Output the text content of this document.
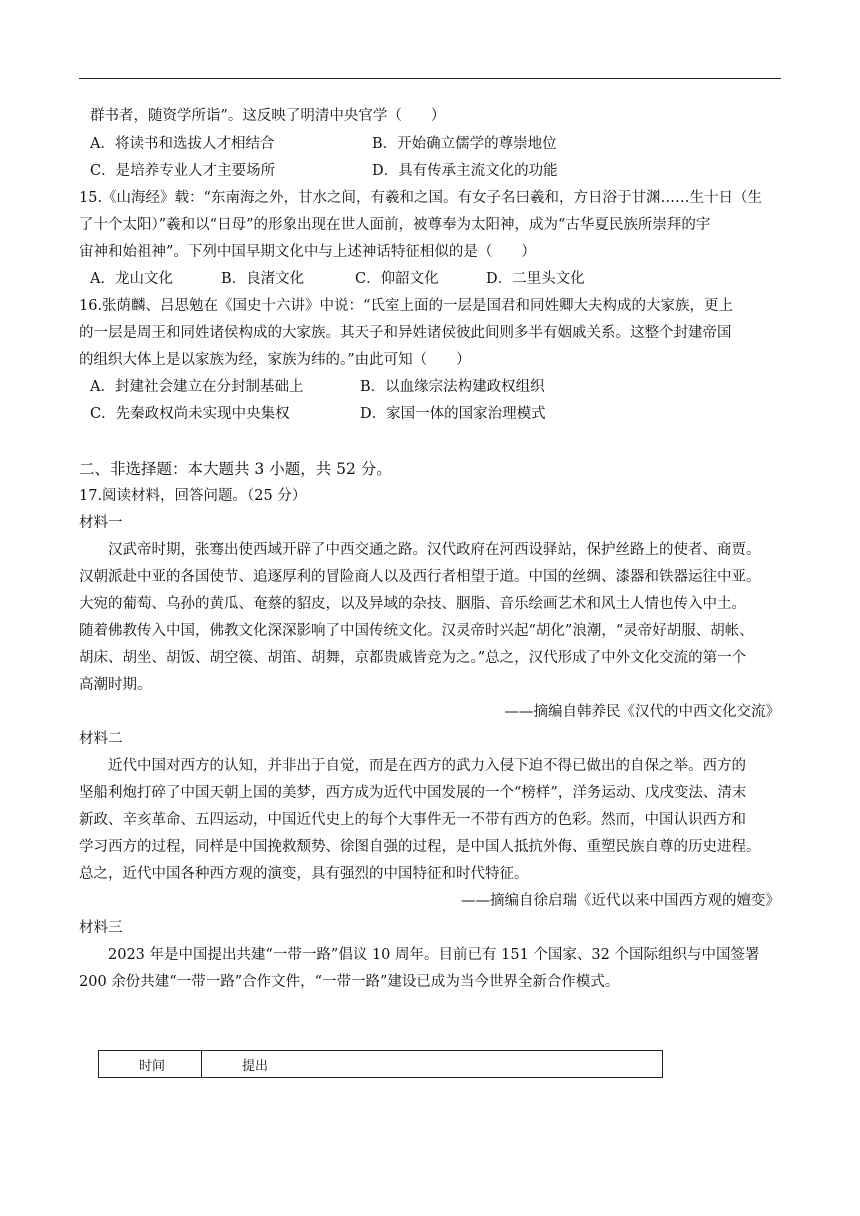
群书者，随资学所诣”。这反映了明清中央官学（　　）
A．将读书和选拔人才相结合	B．开始确立儒学的尊崇地位
C．是培养专业人才主要场所	D．具有传承主流文化的功能
15.《山海经》载：“东南海之外，甘水之间，有羲和之国。有女子名曰羲和，方日浴于甘渊……生十日（生
了十个太阳）”羲和以“日母”的形象出现在世人面前，被尊奉为太阳神，成为“古华夏民族所崇拜的宇
宙神和始祖神”。下列中国早期文化中与上述神话特征相似的是（　　）
A．龙山文化	B．良渚文化	C．仰韶文化	D．二里头文化
16.张荫麟、吕思勉在《国史十六讲》中说：“氏室上面的一层是国君和同姓卿大夫构成的大家族，更上
的一层是周王和同姓诸侯构成的大家族。其天子和异姓诸侯彼此间则多半有姻戚关系。这整个封建帝国
的组织大体上是以家族为经，家族为纬的。”由此可知（　　）
A．封建社会建立在分封制基础上	B．以血缘宗法构建政权组织
C．先秦政权尚未实现中央集权	D．家国一体的国家治理模式
二、非选择题：本大题共 3 小题，共 52 分。
17.阅读材料，回答问题。（25 分）
材料一
汉武帝时期，张骞出使西域开辟了中西交通之路。汉代政府在河西设驿站，保护丝路上的使者、商贾。
汉朝派赴中亚的各国使节、追逐厚利的冒险商人以及西行者相望于道。中国的丝绸、漆器和铁器运往中亚。
大宛的葡萄、乌孙的黄瓜、奄蔡的貂皮，以及异域的杂技、胭脂、音乐绘画艺术和风土人情也传入中土。
随着佛教传入中国，佛教文化深深影响了中国传统文化。汉灵帝时兴起“胡化”浪潮，“灵帝好胡服、胡帐、
胡床、胡坐、胡饭、胡空篌、胡笛、胡舞，京都贵戚皆竞为之。”总之，汉代形成了中外文化交流的第一个
高潮时期。
——摘编自韩养民《汉代的中西文化交流》
材料二
近代中国对西方的认知，并非出于自觉，而是在西方的武力入侵下迫不得已做出的自保之举。西方的
坚船利炮打碎了中国天朝上国的美梦，西方成为近代中国发展的一个“榜样”，洋务运动、戊戌变法、清末
新政、辛亥革命、五四运动，中国近代史上的每个大事件无一不带有西方的色彩。然而，中国认识西方和
学习西方的过程，同样是中国挽救颓势、徐图自强的过程，是中国人抵抗外侮、重塑民族自尊的历史进程。
总之，近代中国各种西方观的演变，具有强烈的中国特征和时代特征。
——摘编自徐启瑞《近代以来中国西方观的嬗变》
材料三
2023 年是中国提出共建“一带一路”倡议 10 周年。目前已有 151 个国家、32 个国际组织与中国签署
200 余份共建“一带一路”合作文件，“一带一路”建设已成为当今世界全新合作模式。
时间	提出
